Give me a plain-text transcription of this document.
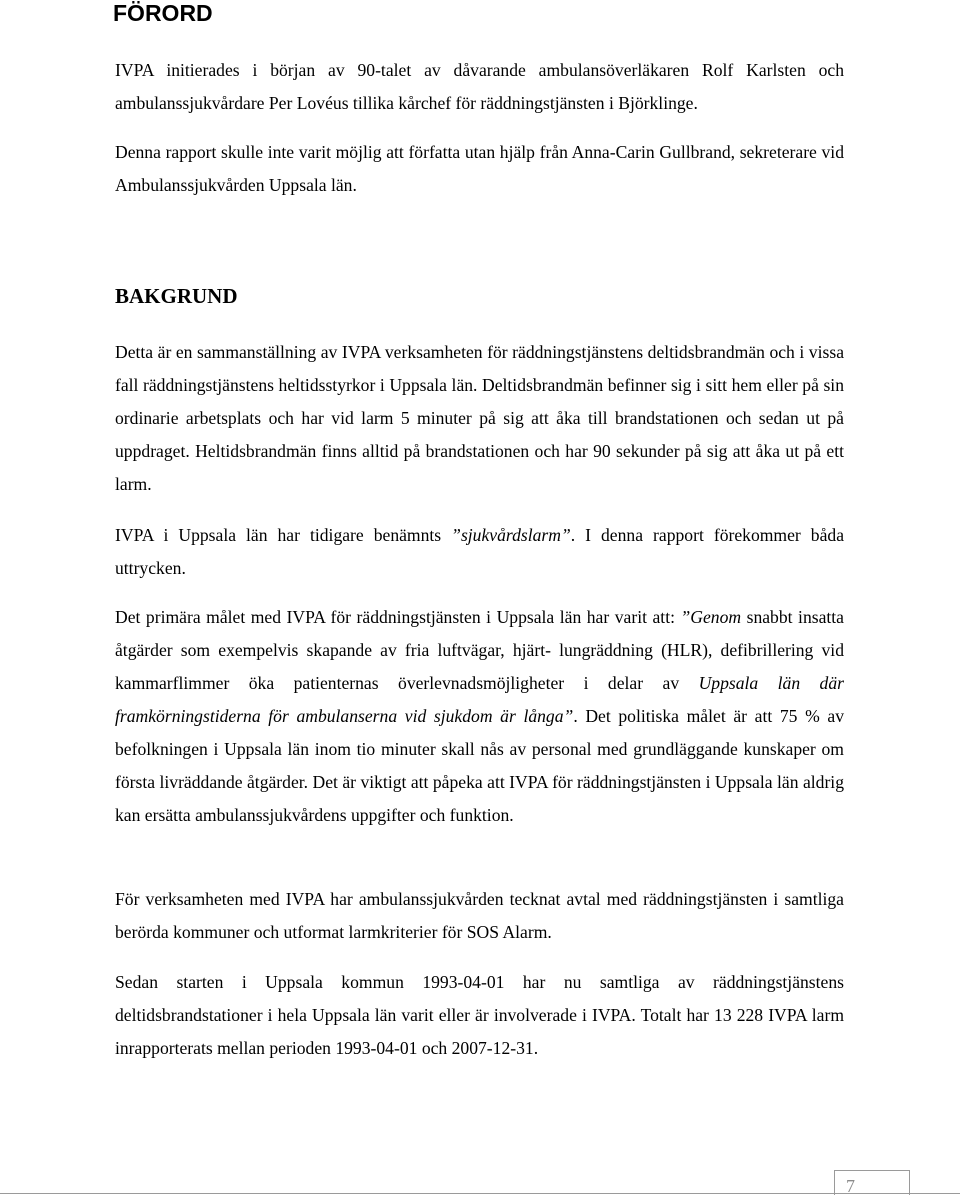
FÖRORD

IVPA initierades i början av 90-talet av dåvarande ambulansöverläkaren Rolf Karlsten och ambulanssjukvårdare Per Lovéus tillika kårchef för räddningstjänsten i Björklinge.

Denna rapport skulle inte varit möjlig att författa utan hjälp från Anna-Carin Gullbrand, sekreterare vid Ambulanssjukvården Uppsala län.

BAKGRUND

Detta är en sammanställning av IVPA verksamheten för räddningstjänstens deltidsbrandmän och i vissa fall räddningstjänstens heltidsstyrkor i Uppsala län. Deltidsbrandmän befinner sig i sitt hem eller på sin ordinarie arbetsplats och har vid larm 5 minuter på sig att åka till brandstationen och sedan ut på uppdraget. Heltidsbrandmän finns alltid på brandstationen och har 90 sekunder på sig att åka ut på ett larm.

IVPA i Uppsala län har tidigare benämnts ”sjukvårdslarm”. I denna rapport förekommer båda uttrycken.

Det primära målet med IVPA för räddningstjänsten i Uppsala län har varit att: ”Genom snabbt insatta åtgärder som exempelvis skapande av fria luftvägar, hjärt- lungräddning (HLR), defibrillering vid kammarflimmer öka patienternas överlevnadsmöjligheter i delar av Uppsala län där framkörningstiderna för ambulanserna vid sjukdom är långa”. Det politiska målet är att 75 % av befolkningen i Uppsala län inom tio minuter skall nås av personal med grundläggande kunskaper om första livräddande åtgärder. Det är viktigt att påpeka att IVPA för räddningstjänsten i Uppsala län aldrig kan ersätta ambulanssjukvårdens uppgifter och funktion.

För verksamheten med IVPA har ambulanssjukvården tecknat avtal med räddningstjänsten i samtliga berörda kommuner och utformat larmkriterier för SOS Alarm.

Sedan starten i Uppsala kommun 1993-04-01 har nu samtliga av räddningstjänstens deltidsbrandstationer i hela Uppsala län varit eller är involverade i IVPA. Totalt har 13 228 IVPA larm inrapporterats mellan perioden 1993-04-01 och 2007-12-31.

7
